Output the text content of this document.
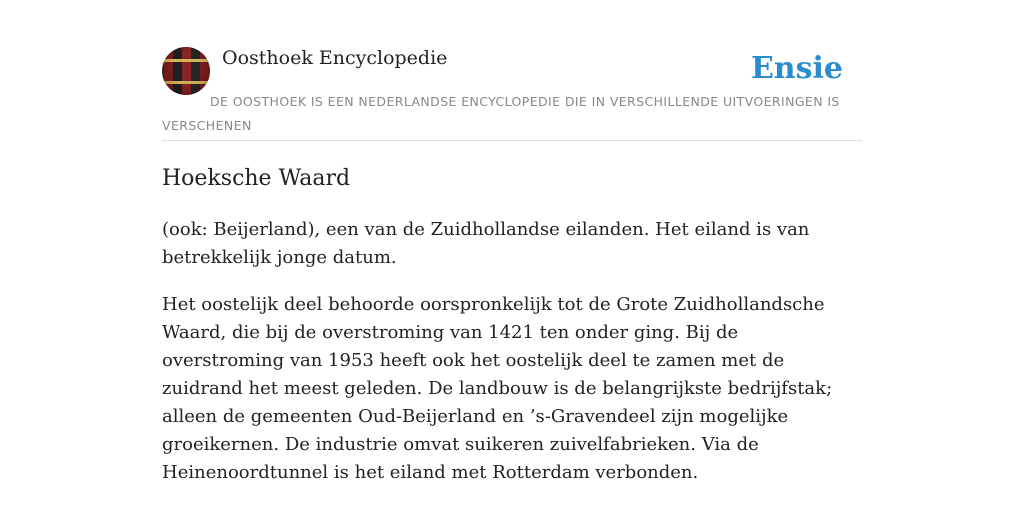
Oosthoek Encyclopedie	Ensie
DE OOSTHOEK IS EEN NEDERLANDSE ENCYCLOPEDIE DIE IN VERSCHILLENDE UITVOERINGEN IS VERSCHENEN
Hoeksche Waard

(ook: Beijerland), een van de Zuidhollandse eilanden. Het eiland is van betrekkelijk jonge datum.

Het oostelijk deel behoorde oorspronkelijk tot de Grote Zuidhollandsche Waard, die bij de overstroming van 1421 ten onder ging. Bij de overstroming van 1953 heeft ook het oostelijk deel te zamen met de zuidrand het meest geleden. De landbouw is de belangrijkste bedrijfstak; alleen de gemeenten Oud-Beijerland en ’s-Gravendeel zijn mogelijke groeikernen. De industrie omvat suikeren zuivelfabrieken. Via de Heinenoordtunnel is het eiland met Rotterdam verbonden.
